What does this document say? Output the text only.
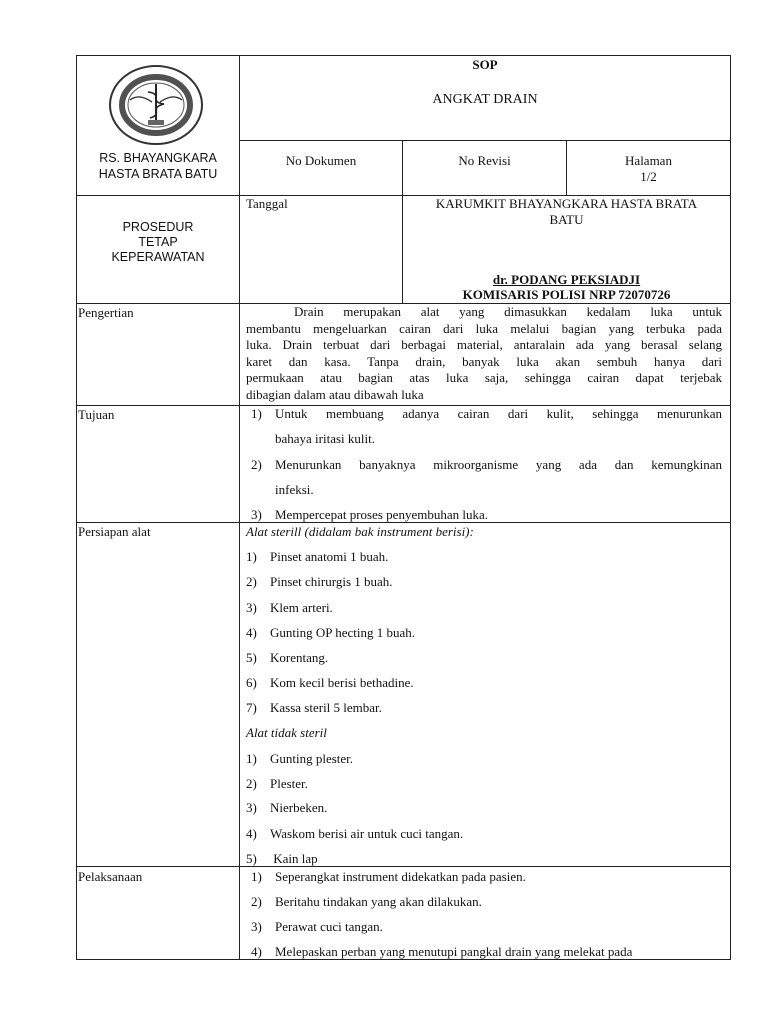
RS. BHAYANGKARA
HASTA BRATA BATU
SOP
ANGKAT DRAIN
No Dokumen	No Revisi	Halaman
1/2
PROSEDUR
TETAP
KEPERAWATAN
Tanggal	KARUMKIT BHAYANGKARA HASTA BRATA
BATU
dr. PODANG PEKSIADJI
KOMISARIS POLISI NRP 72070726
Pengertian	Drain merupakan alat yang dimasukkan kedalam luka untuk
membantu mengeluarkan cairan dari luka melalui bagian yang terbuka pada
luka. Drain terbuat dari berbagai material, antaralain ada yang berasal selang
karet dan kasa. Tanpa drain, banyak luka akan sembuh hanya dari
permukaan atau bagian atas luka saja, sehingga cairan dapat terjebak
dibagian dalam atau dibawah luka
Tujuan	1) Untuk membuang adanya cairan dari kulit, sehingga menurunkan
bahaya iritasi kulit.
2) Menurunkan banyaknya mikroorganisme yang ada dan kemungkinan
infeksi.
3) Mempercepat proses penyembuhan luka.
Persiapan alat	Alat sterill (didalam bak instrument berisi):
1) Pinset anatomi 1 buah.
2) Pinset chirurgis 1 buah.
3) Klem arteri.
4) Gunting OP hecting 1 buah.
5) Korentang.
6) Kom kecil berisi bethadine.
7) Kassa steril 5 lembar.
Alat tidak steril
1) Gunting plester.
2) Plester.
3) Nierbeken.
4) Waskom berisi air untuk cuci tangan.
5) Kain lap
Pelaksanaan	1) Seperangkat instrument didekatkan pada pasien.
2) Beritahu tindakan yang akan dilakukan.
3) Perawat cuci tangan.
4) Melepaskan perban yang menutupi pangkal drain yang melekat pada
